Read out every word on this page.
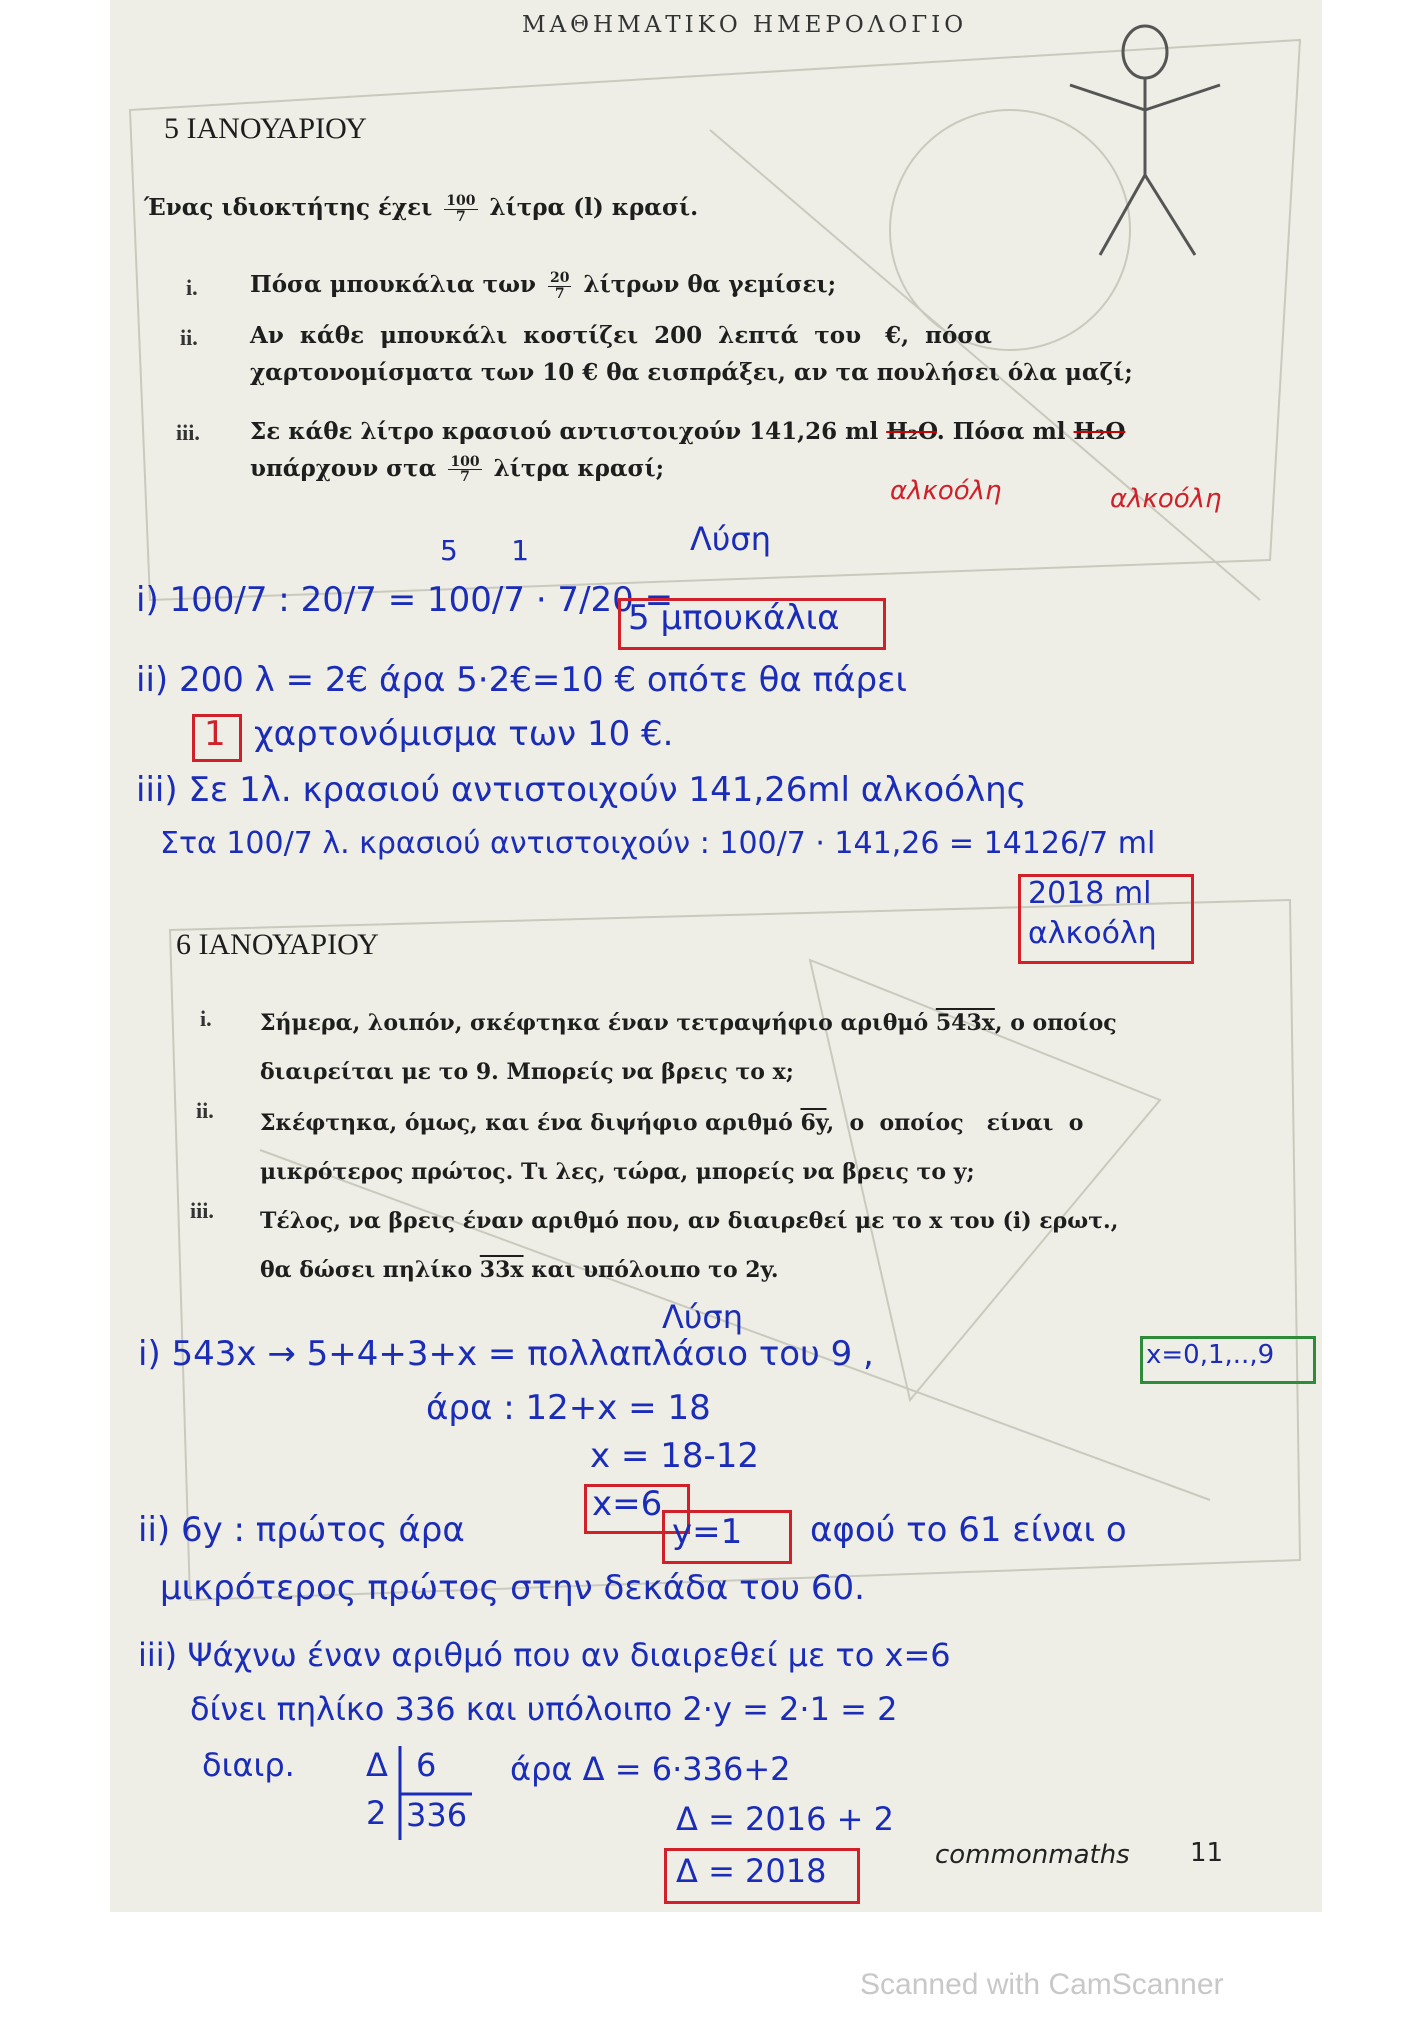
ΜΑΘΗΜΑΤΙΚΟ ΗΜΕΡΟΛΟΓΙΟ
5 ΙΑΝΟΥΑΡΙΟΥ
Ένας ιδιοκτήτης έχει $\frac{100}{7}$ λίτρα (l) κρασί.
i. Πόσα μπουκάλια των $\frac{20}{7}$ λίτρων θα γεμίσει;
ii. Αν  κάθε  μπουκάλι  κοστίζει  200  λεπτά  του   €,  πόσα
χαρτονομίσματα των 10 € θα εισπράξει, αν τα πουλήσει όλα μαζί;
iii. Σε κάθε λίτρο κρασιού αντιστοιχούν 141,26 ml H₂O. Πόσα ml H₂O
υπάρχουν στα $\frac{100}{7}$ λίτρα κρασί;
αλκοόλη	αλκοόλη
Λύση
5      1
i) 100/7 : 20/7 = 100/7 · 7/20 =
5 μπουκάλια
ii) 200 λ = 2€ άρα 5·2€=10 € οπότε θα πάρει
1 χαρτονόμισμα των 10 €.
iii) Σε 1λ. κρασιού αντιστοιχούν 141,26ml αλκοόλης
Στα 100/7 λ. κρασιού αντιστοιχούν : 100/7 · 141,26 = 14126/7 ml
2018 ml
αλκοόλη
6 ΙΑΝΟΥΑΡΙΟΥ
i. Σήμερα, λοιπόν, σκέφτηκα έναν τετραψήφιο αριθμό 543x, ο οποίος
διαιρείται με το 9. Μπορείς να βρεις το x;
ii. Σκέφτηκα, όμως, και ένα διψήφιο αριθμό 6y,  ο  οποίος   είναι  ο
μικρότερος πρώτος. Τι λες, τώρα, μπορείς να βρεις το y;
iii. Τέλος, να βρεις έναν αριθμό που, αν διαιρεθεί με το x του (i) ερωτ.,
θα δώσει πηλίκο 33x και υπόλοιπο το 2y.
Λύση
i) 543x → 5+4+3+x = πολλαπλάσιο του 9 ,	x=0,1,..,9
άρα : 12+x = 18
x = 18-12
x=6
ii) 6y : πρώτος άρα	y=1 αφού το 61 είναι ο
μικρότερος πρώτος στην δεκάδα του 60.
iii) Ψάχνω έναν αριθμό που αν διαιρεθεί με το x=6
δίνει πηλίκο 336 και υπόλοιπο 2·y = 2·1 = 2
διαιρ. Δ
2
6
336
άρα Δ = 6·336+2
Δ = 2016 + 2
Δ = 2018	commonmaths 11
Scanned with CamScanner
